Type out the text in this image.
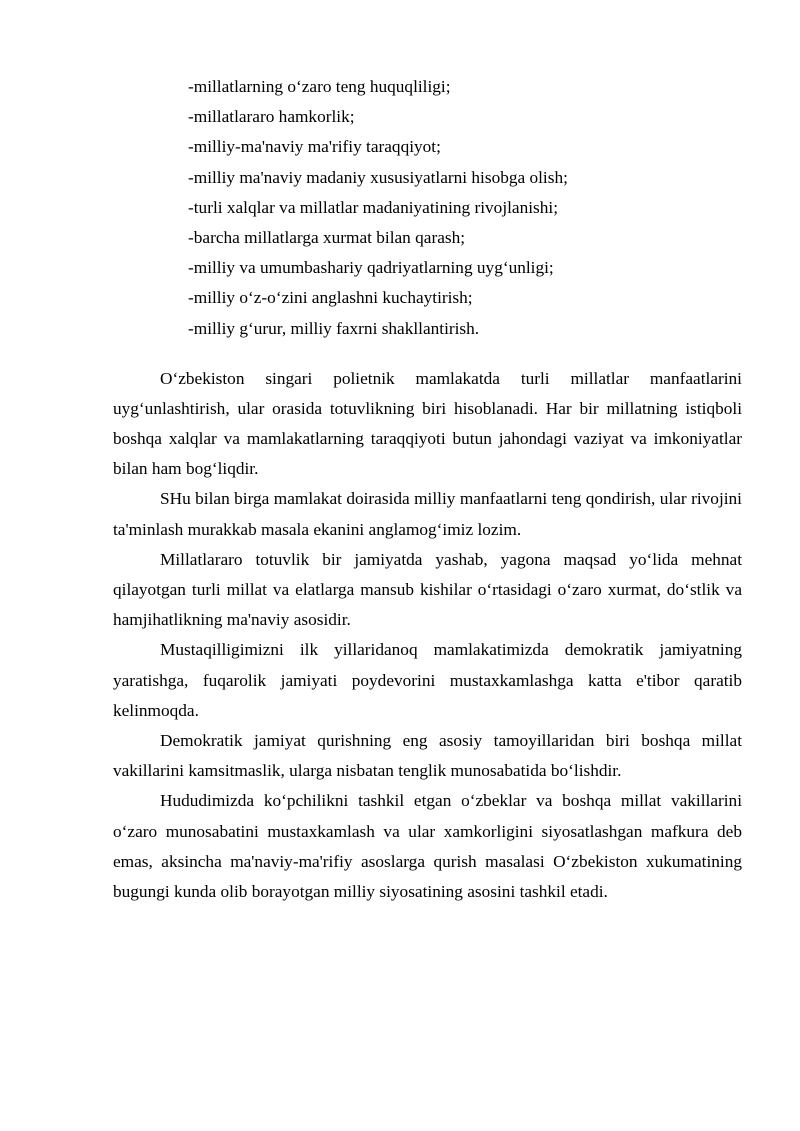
-millatlarning o‘zaro teng huquqliligi;
-millatlararo hamkorlik;
-milliy-ma'naviy ma'rifiy taraqqiyot;
-milliy ma'naviy madaniy xususiyatlarni hisobga olish;
-turli xalqlar va millatlar madaniyatining rivojlanishi;
-barcha millatlarga xurmat bilan qarash;
-milliy va umumbashariy qadriyatlarning uyg‘unligi;
-milliy o‘z-o‘zini anglashni kuchaytirish;
-milliy g‘urur, milliy faxrni shakllantirish.

O‘zbekiston singari polietnik mamlakatda turli millatlar manfaatlarini uyg‘unlashtirish, ular orasida totuvlikning biri hisoblanadi. Har bir millatning istiqboli boshqa xalqlar va mamlakatlarning taraqqiyoti butun jahondagi vaziyat va imkoniyatlar bilan ham bog‘liqdir.

SHu bilan birga mamlakat doirasida milliy manfaatlarni teng qondirish, ular rivojini ta'minlash murakkab masala ekanini anglamog‘imiz lozim.

Millatlararo totuvlik bir jamiyatda yashab, yagona maqsad yo‘lida mehnat qilayotgan turli millat va elatlarga mansub kishilar o‘rtasidagi o‘zaro xurmat, do‘stlik va hamjihatlikning ma'naviy asosidir.

Mustaqilligimizni ilk yillaridanoq mamlakatimizda demokratik jamiyatning yaratishga, fuqarolik jamiyati poydevorini mustaxkamlashga katta e'tibor qaratib kelinmoqda.

Demokratik jamiyat qurishning eng asosiy tamoyillaridan biri boshqa millat vakillarini kamsitmaslik, ularga nisbatan tenglik munosabatida bo‘lishdir.

Hududimizda ko‘pchilikni tashkil etgan o‘zbeklar va boshqa millat vakillarini o‘zaro munosabatini mustaxkamlash va ular xamkorligini siyosatlashgan mafkura deb emas, aksincha ma'naviy-ma'rifiy asoslarga qurish masalasi O‘zbekiston xukumatining bugungi kunda olib borayotgan milliy siyosatining asosini tashkil etadi.
